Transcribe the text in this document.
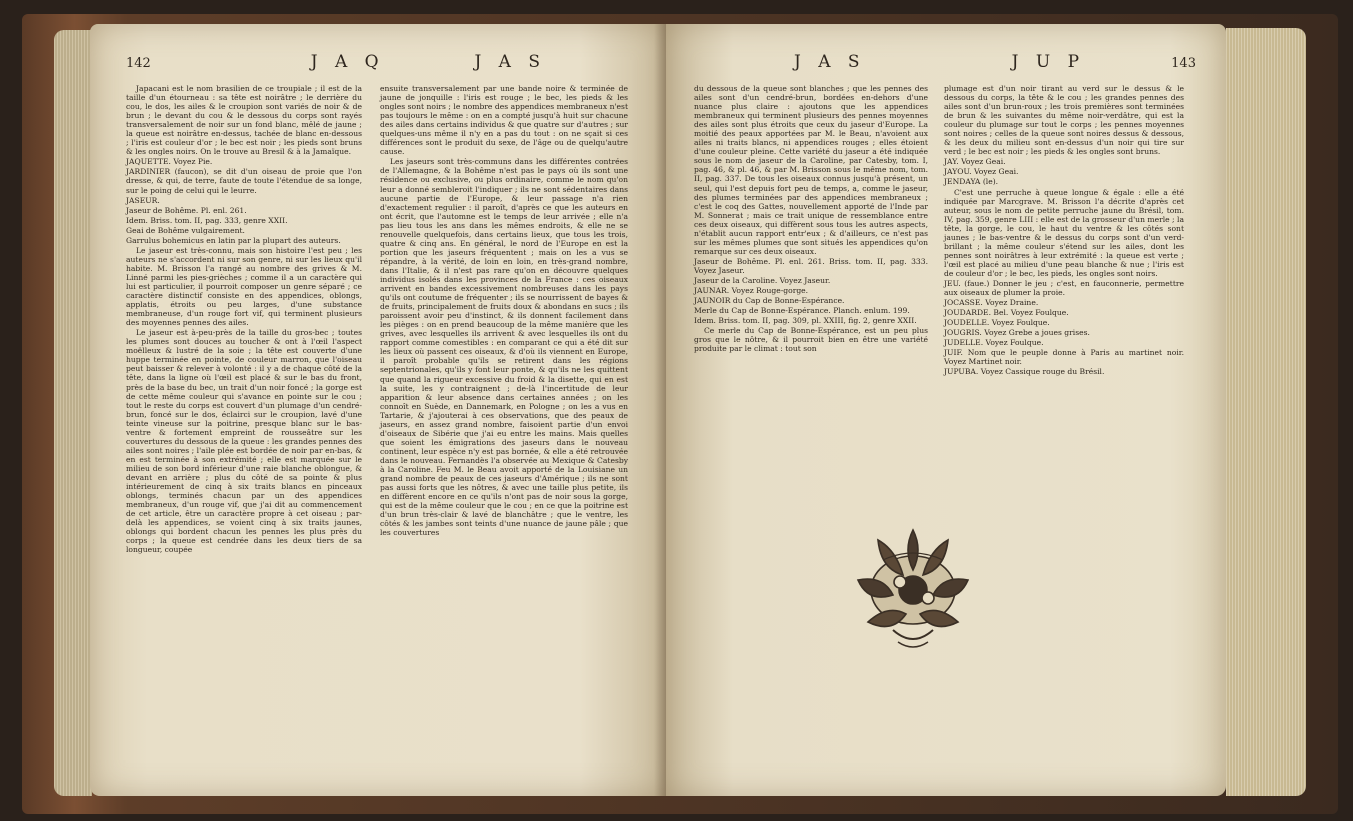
142	J A Q	J A S

Japacani est le nom brasilien de ce troupiale ; il est de la taille d'un étourneau : sa tête est noirâtre ; le derrière du cou, le dos, les ailes & le croupion sont variés de noir & de brun ; le devant du cou & le dessous du corps sont rayés transversalement de noir sur un fond blanc, mêlé de jaune ; la queue est noirâtre en-dessus, tachée de blanc en-dessous ; l'iris est couleur d'or ; le bec est noir ; les pieds sont bruns & les ongles noirs. On le trouve au Bresil & à la Jamaïque.

JAQUETTE. Voyez Pie.

JARDINIER (faucon), se dit d'un oiseau de proie que l'on dresse, & qui, de terre, faute de toute l'étendue de sa longe, sur le poing de celui qui le leurre.

JASEUR.

Jaseur de Bohême. Pl. enl. 261.

Idem. Briss. tom. II, pag. 333, genre XXII.

Geai de Bohême vulgairement.

Garrulus bohemicus en latin par la plupart des auteurs.

Le jaseur est très-connu, mais son histoire l'est peu ; les auteurs ne s'accordent ni sur son genre, ni sur les lieux qu'il habite. M. Brisson l'a rangé au nombre des grives & M. Linné parmi les pies-grièches ; comme il a un caractère qui lui est particulier, il pourroit composer un genre séparé ; ce caractère distinctif consiste en des appendices, oblongs, applatis, étroits ou peu larges, d'une substance membraneuse, d'un rouge fort vif, qui terminent plusieurs des moyennes pennes des ailes.

Le jaseur est à-peu-près de la taille du gros-bec ; toutes les plumes sont douces au toucher & ont à l'œil l'aspect moëlleux & lustré de la soie ; la tête est couverte d'une huppe terminée en pointe, de couleur marron, que l'oiseau peut baisser & relever à volonté : il y a de chaque côté de la tête, dans la ligne où l'œil est placé & sur le bas du front, près de la base du bec, un trait d'un noir foncé ; la gorge est de cette même couleur qui s'avance en pointe sur le cou ; tout le reste du corps est couvert d'un plumage d'un cendré-brun, foncé sur le dos, éclairci sur le croupion, lavé d'une teinte vineuse sur la poitrine, presque blanc sur le bas-ventre & fortement empreint de rousseâtre sur les couvertures du dessous de la queue : les grandes pennes des ailes sont noires ; l'aile plée est bordée de noir par en-bas, & en est terminée à son extrémité ; elle est marquée sur le milieu de son bord inférieur d'une raie blanche oblongue, & devant en arrière ; plus du côté de sa pointe & plus intérieurement de cinq à six traits blancs en pinceaux oblongs, terminés chacun par un des appendices membraneux, d'un rouge vif, que j'ai dit au commencement de cet article, être un caractère propre à cet oiseau ; par-delà les appendices, se voient cinq à six traits jaunes, oblongs qui bordent chacun les pennes les plus près du corps ; la queue est cendrée dans les deux tiers de sa longueur, coupée

ensuite transversalement par une bande noire & terminée de jaune de jonquille : l'iris est rouge ; le bec, les pieds & les ongles sont noirs ; le nombre des appendices membraneux n'est pas toujours le même : on en a compté jusqu'à huit sur chacune des ailes dans certains individus & que quatre sur d'autres ; sur quelques-uns même il n'y en a pas du tout : on ne sçait si ces différences sont le produit du sexe, de l'âge ou de quelqu'autre cause.

Les jaseurs sont très-communs dans les différentes contrées de l'Allemagne, & la Bohême n'est pas le pays où ils sont une résidence ou exclusive, ou plus ordinaire, comme le nom qu'on leur a donné sembleroit l'indiquer ; ils ne sont sédentaires dans aucune partie de l'Europe, & leur passage n'a rien d'exactement regulier : il paroît, d'après ce que les auteurs en ont écrit, que l'automne est le temps de leur arrivée ; elle n'a pas lieu tous les ans dans les mêmes endroits, & elle ne se renouvelle quelquefois, dans certains lieux, que tous les trois, quatre & cinq ans. En général, le nord de l'Europe en est la portion que les jaseurs fréquentent ; mais on les a vus se répandre, à la vérité, de loin en loin, en très-grand nombre, dans l'Italie, & il n'est pas rare qu'on en découvre quelques individus isolés dans les provinces de la France : ces oiseaux arrivent en bandes excessivement nombreuses dans les pays qu'ils ont coutume de fréquenter ; ils se nourrissent de bayes & de fruits, principalement de fruits doux & abondans en sucs ; ils paroissent avoir peu d'instinct, & ils donnent facilement dans les pièges : on en prend beaucoup de la même manière que les grives, avec lesquelles ils arrivent & avec lesquelles ils ont du rapport comme comestibles : en comparant ce qui a été dit sur les lieux où passent ces oiseaux, & d'où ils viennent en Europe, il paroît probable qu'ils se retirent dans les régions septentrionales, qu'ils y font leur ponte, & qu'ils ne les quittent que quand la rigueur excessive du froid & la disette, qui en est la suite, les y contraignent ; de-là l'incertitude de leur apparition & leur absence dans certaines années ; on les connoît en Suède, en Dannemark, en Pologne ; on les a vus en Tartarie, & j'ajouterai à ces observations, que des peaux de jaseurs, en assez grand nombre, faisoient partie d'un envoi d'oiseaux de Sibérie que j'ai eu entre les mains. Mais quelles que soient les émigrations des jaseurs dans le nouveau continent, leur espèce n'y est pas bornée, & elle a été retrouvée dans le nouveau. Fernandès l'a observée au Mexique & Catesby à la Caroline. Feu M. le Beau avoit apporté de la Louisiane un grand nombre de peaux de ces jaseurs d'Amérique ; ils ne sont pas aussi forts que les nôtres, & avec une taille plus petite, ils en diffèrent encore en ce qu'ils n'ont pas de noir sous la gorge, qui est de la même couleur que le cou ; en ce que la poitrine est d'un brun très-clair & lavé de blanchâtre ; que le ventre, les côtés & les jambes sont teints d'une nuance de jaune pâle ; que les couvertures

J A S	J U P	143

du dessous de la queue sont blanches ; que les pennes des ailes sont d'un cendré-brun, bordées en-dehors d'une nuance plus claire : ajoutons que les appendices membraneux qui terminent plusieurs des pennes moyennes des ailes sont plus étroits que ceux du jaseur d'Europe. La moitié des peaux apportées par M. le Beau, n'avoient aux ailes ni traits blancs, ni appendices rouges ; elles étoient d'une couleur pleine. Cette variété du jaseur a été indiquée sous le nom de jaseur de la Caroline, par Catesby, tom. I, pag. 46, & pl. 46, & par M. Brisson sous le même nom, tom. II, pag. 337. De tous les oiseaux connus jusqu'à présent, un seul, qui l'est depuis fort peu de temps, a, comme le jaseur, des plumes terminées par des appendices membraneux ; c'est le coq des Gattes, nouvellement apporté de l'Inde par M. Sonnerat ; mais ce trait unique de ressemblance entre ces deux oiseaux, qui diffèrent sous tous les autres aspects, n'établit aucun rapport entr'eux ; & d'ailleurs, ce n'est pas sur les mêmes plumes que sont situés les appendices qu'on remarque sur ces deux oiseaux.

Jaseur de Bohême. Pl. enl. 261. Briss. tom. II, pag. 333. Voyez Jaseur.

Jaseur de la Caroline. Voyez Jaseur.

JAUNAR. Voyez Rouge-gorge.

JAUNOIR du Cap de Bonne-Espérance.

Merle du Cap de Bonne-Espérance. Planch. enlum. 199.

Idem. Briss. tom. II, pag. 309, pl. XXIII, fig. 2, genre XXII.

Ce merle du Cap de Bonne-Espérance, est un peu plus gros que le nôtre, & il pourroit bien en être une variété produite par le climat : tout son

plumage est d'un noir tirant au verd sur le dessus & le dessous du corps, la tête & le cou ; les grandes pennes des ailes sont d'un brun-roux ; les trois premières sont terminées de brun & les suivantes du même noir-verdâtre, qui est la couleur du plumage sur tout le corps ; les pennes moyennes sont noires ; celles de la queue sont noires dessus & dessous, & les deux du milieu sont en-dessus d'un noir qui tire sur verd ; le bec est noir ; les pieds & les ongles sont bruns.

JAY. Voyez Geai.

JAYOU. Voyez Geai.

JENDAYA (le).

C'est une perruche à queue longue & égale : elle a été indiquée par Marcgrave. M. Brisson l'a décrite d'après cet auteur, sous le nom de petite perruche jaune du Brésil, tom. IV, pag. 359, genre LIII : elle est de la grosseur d'un merle ; la tête, la gorge, le cou, le haut du ventre & les côtés sont jaunes ; le bas-ventre & le dessus du corps sont d'un verd-brillant ; la même couleur s'étend sur les ailes, dont les pennes sont noirâtres à leur extrémité : la queue est verte ; l'œil est placé au milieu d'une peau blanche & nue ; l'iris est de couleur d'or ; le bec, les pieds, les ongles sont noirs.

JEU. (faue.) Donner le jeu ; c'est, en fauconnerie, permettre aux oiseaux de plumer la proie.

JOCASSE. Voyez Draine.

JOUDARDE. Bel. Voyez Foulque.

JOUDELLE. Voyez Foulque.

JOUGRIS. Voyez Grebe a joues grises.

JUDELLE. Voyez Foulque.

JUIF. Nom que le peuple donne à Paris au martinet noir. Voyez Martinet noir.

JUPUBA. Voyez Cassique rouge du Brésil.
